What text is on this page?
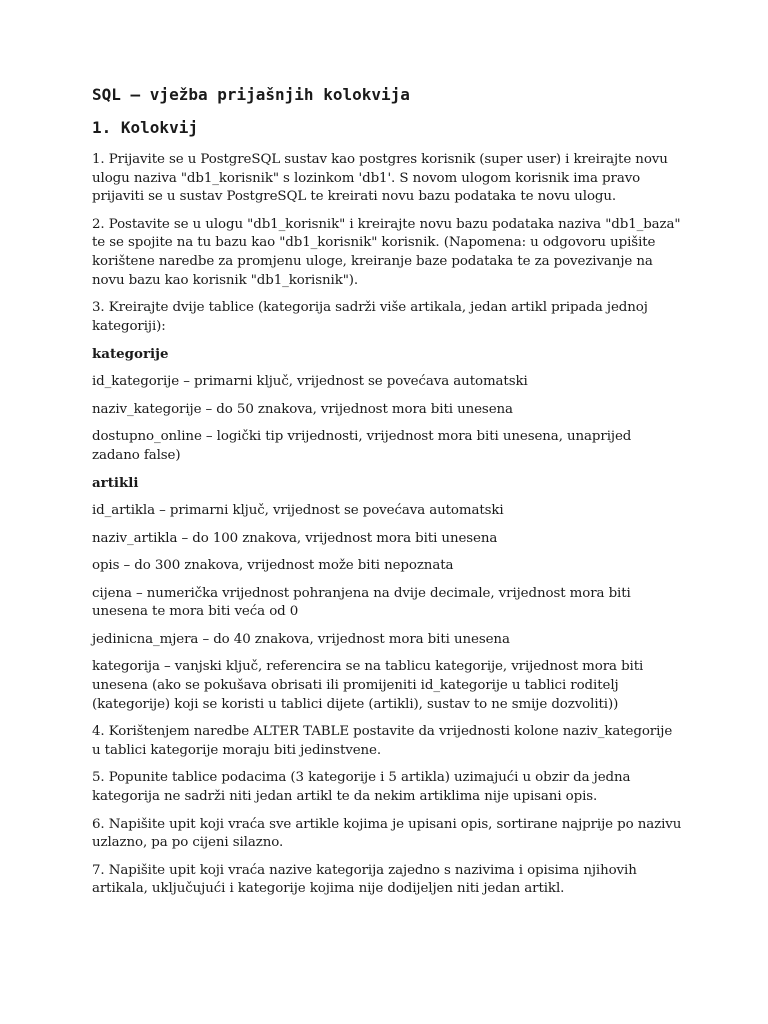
SQL – vježba prijašnjih kolokvija
1. Kolokvij

1. Prijavite se u PostgreSQL sustav kao postgres korisnik (super user) i kreirajte novu ulogu naziva "db1_korisnik" s lozinkom 'db1'. S novom ulogom korisnik ima pravo prijaviti se u sustav PostgreSQL te kreirati novu bazu podataka te novu ulogu.

2. Postavite se u ulogu "db1_korisnik" i kreirajte novu bazu podataka naziva "db1_baza" te se spojite na tu bazu kao "db1_korisnik" korisnik. (Napomena: u odgovoru upišite korištene naredbe za promjenu uloge, kreiranje baze podataka te za povezivanje na novu bazu kao korisnik "db1_korisnik").

3. Kreirajte dvije tablice (kategorija sadrži više artikala, jedan artikl pripada jednoj kategoriji):

kategorije

id_kategorije – primarni ključ, vrijednost se povećava automatski

naziv_kategorije – do 50 znakova, vrijednost mora biti unesena

dostupno_online – logički tip vrijednosti, vrijednost mora biti unesena, unaprijed zadano false)

artikli

id_artikla – primarni ključ, vrijednost se povećava automatski

naziv_artikla – do 100 znakova, vrijednost mora biti unesena

opis – do 300 znakova, vrijednost može biti nepoznata

cijena – numerička vrijednost pohranjena na dvije decimale, vrijednost mora biti unesena te mora biti veća od 0

jedinicna_mjera – do 40 znakova, vrijednost mora biti unesena

kategorija – vanjski ključ, referencira se na tablicu kategorije, vrijednost mora biti unesena (ako se pokušava obrisati ili promijeniti id_kategorije u tablici roditelj (kategorije) koji se koristi u tablici dijete (artikli), sustav to ne smije dozvoliti))

4. Korištenjem naredbe ALTER TABLE postavite da vrijednosti kolone naziv_kategorije u tablici kategorije moraju biti jedinstvene.

5. Popunite tablice podacima (3 kategorije i 5 artikla) uzimajući u obzir da jedna kategorija ne sadrži niti jedan artikl te da nekim artiklima nije upisani opis.

6. Napišite upit koji vraća sve artikle kojima je upisani opis, sortirane najprije po nazivu uzlazno, pa po cijeni silazno.

7. Napišite upit koji vraća nazive kategorija zajedno s nazivima i opisima njihovih artikala, uključujući i kategorije kojima nije dodijeljen niti jedan artikl.
